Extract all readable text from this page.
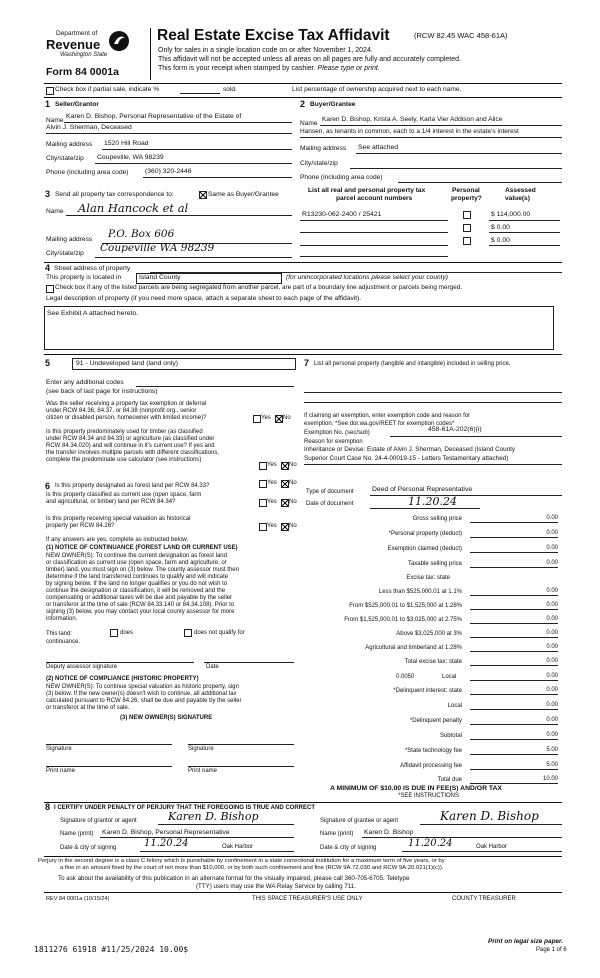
Department of
Revenue
Washington State
Form 84 0001a
Real Estate Excise Tax Affidavit	(RCW 82.45 WAC 458-61A)
Only for sales in a single location code on or after November 1, 2024.
This affidavit will not be accepted unless all areas on all pages are fully and accurately completed.
This form is your receipt when stamped by cashier. Please type or print.
Check box if partial sale, indicate %	sold.	List percentage of ownership acquired next to each name.
1 Seller/Grantor
Name
Karen D. Bishop, Personal Representative of the Estate of
Alvin J. Sherman, Deceased
Mailing address 1520 Hill Road
City/state/zip Coupeville, WA 98239
Phone (including area code) (360) 320-2446
2 Buyer/Grantee
Name
Karen D. Bishop, Krista A. Seely, Karla Vier Addison and Alice
Hansen, as tenants in common, each to a 1/4 interest in the estate's interest
Mailing address See attached
City/state/zip
Phone (including area code)
3 Send all property tax correspondence to:	Same as Buyer/Grantee
Name Alan Hancock et al
Mailing address P.O. Box 606
City/state/zip Coupeville WA 98239
List all real and personal property tax
parcel account numbers
Personal
property?
Assessed
value(s)
R13230-062-2400 / 25421	$ 114,000.00
$ 0.00
$ 0.00
4 Street address of property
This property is located in	Island County	(for unincorporated locations please select your county)
Check box if any of the listed parcels are being segregated from another parcel, are part of a boundary line adjustment or parcels being merged.
Legal description of property (if you need more space, attach a separate sheet to each page of the affidavit).
See Exhibit A attached hereto.
5	91 - Undeveloped land (land only)
Enter any additional codes
(see back of last page for instructions)
Was the seller receiving a property tax exemption or deferral
under RCW 84.36, 84.37, or 84.38 (nonprofit org., senior
citizen or disabled person, homeowner with limited income)?	Yes No
Is this property predominately used for timber (as classified
under RCW 84.34 and 84.33) or agriculture (as classified under
RCW 84.34.020) and will continue in it's current use? If yes and
the transfer involves multiple parcels with different classifications,
complete the predominate use calculator (see instructions)
Yes No
6 Is this property designated as forest land per RCW 84.33?	Yes No
Is this property classified as current use (open space, farm
and agricultural, or timber) land per RCW 84.34?	Yes No
Is this property receiving special valuation as historical
property per RCW 84.26?	Yes No
If any answers are yes, complete as instructed below.
(1) NOTICE OF CONTINUANCE (FOREST LAND OR CURRENT USE)
NEW OWNER(S): To continue the current designation as forest land
or classification as current use (open space, farm and agriculture, or
timber) land, you must sign on (3) below. The county assessor must then
determine if the land transferred continues to qualify and will indicate
by signing below. If the land no longer qualifies or you do not wish to
continue the designation or classification, it will be removed and the
compensating or additional taxes will be due and payable by the seller
or transferor at the time of sale (RCW 84.33.140 or 84.34.108). Prior to
signing (3) below, you may contact your local county assessor for more
information.
This land:	does	does not qualify for
continuance.
Deputy assessor signature	Date
(2) NOTICE OF COMPLIANCE (HISTORIC PROPERTY)
NEW OWNER(S): To continue special valuation as historic property, sign
(3) below. If the new owner(s) doesn't wish to continue, all additional tax
calculated pursuant to RCW 84.26, shall be due and payable by the seller
or transferor at the time of sale.
(3) NEW OWNER(S) SIGNATURE
Signature	Signature
Print name	Print name
7 List all personal property (tangible and intangible) included in selling price.
If claiming an exemption, enter exemption code and reason for
exemption. *See dor.wa.gov/REET for exemption codes*
Exemption No. (sec/sub)	458-61A-202(6)(i)
Reason for exemption
Inheritance or Devise: Estate of Alvin J. Sherman, Deceased (Island County
Superior Court Case No. 24-4-00019-15 - Letters Testamentary attached)
Type of document	Deed of Personal Representative
Date of document	11.20.24
Gross selling price	0.00
*Personal property (deduct)	0.00
Exemption claimed (deduct)	0.00
Taxable selling price	0.00
Excise tax: state
Less than $525,000.01 at 1.1%	0.00
From $525,000.01 to $1,525,000 at 1.28%	0.00
From $1,525,000.01 to $3,025,000 at 2.75%	0.00
Above $3,025,000 at 3%	0.00
Agricultural and timberland at 1.28%	0.00
Total excise tax: state	0.00
0.0050	Local	0.00
*Delinquent interest: state	0.00
Local	0.00
*Delinquent penalty	0.00
Subtotal	0.00
*State technology fee	5.00
Affidavit processing fee	5.00
Total due	10.00
A MINIMUM OF $10.00 IS DUE IN FEE(S) AND/OR TAX
*SEE INSTRUCTIONS
8 I CERTIFY UNDER PENALTY OF PERJURY THAT THE FOREGOING IS TRUE AND CORRECT
Signature of grantor or agent	Karen D. Bishop
Name (print) Karen D. Bishop, Personal Representative
Date & city of signing	11.20.24	Oak Harbor
Signature of grantee or agent	Karen D. Bishop
Name (print) Karen D. Bishop
Date & city of signing	11.20.24	Oak Harbor
Perjury in the second degree is a class C felony which is punishable by confinement in a state correctional institution for a maximum term of five years, or by
a fine in an amount fixed by the court of not more than $10,000, or by both such confinement and fine (RCW 9A.72.030 and RCW 9A.20.021(1)(c)).
To ask about the availability of this publication in an alternate format for the visually impaired, please call 360-705-6705. Teletype
(TTY) users may use the WA Relay Service by calling 711.
REV 84 0001a (10/15/24)	THIS SPACE TREASURER'S USE ONLY	COUNTY TREASURER
1811276 61918 #11/25/2024 10.00$
Print on legal size paper.
Page 1 of 6
